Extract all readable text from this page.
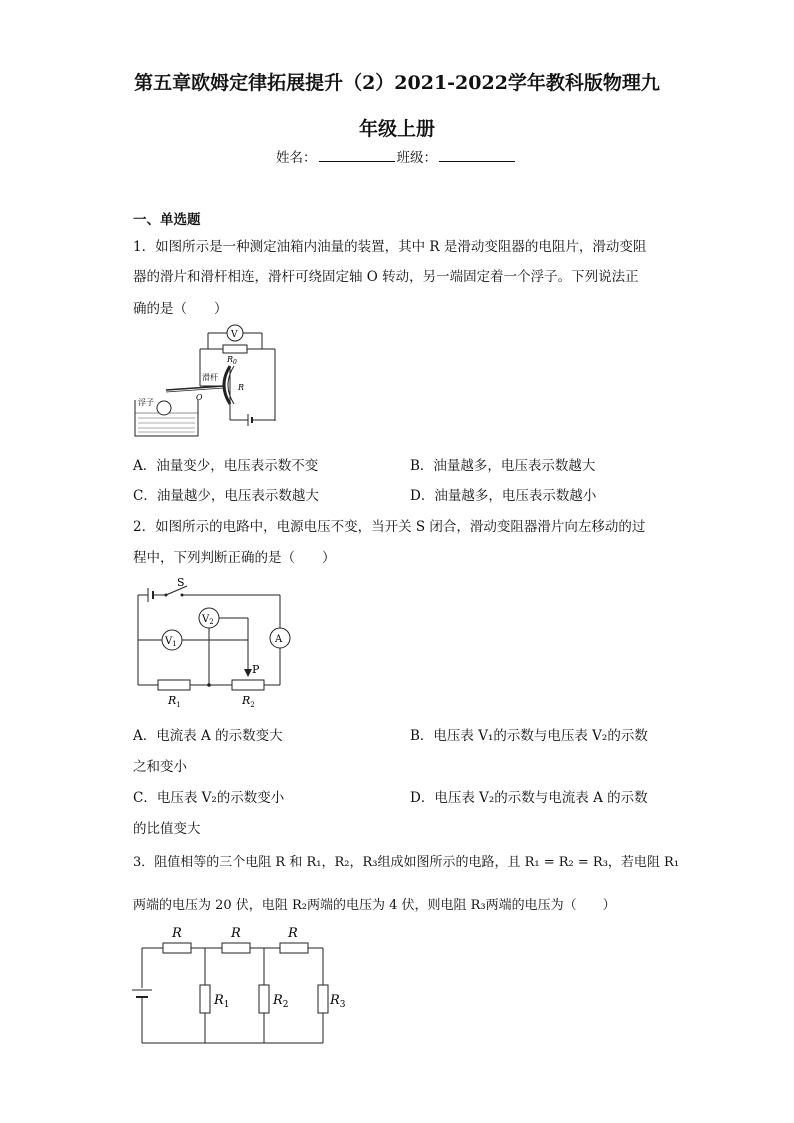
第五章欧姆定律拓展提升（2）2021-2022学年教科版物理九
年级上册
姓名：	班级：
一、单选题
1．如图所示是一种测定油箱内油量的装置，其中 R 是滑动变阻器的电阻片，滑动变阻
器的滑片和滑杆相连，滑杆可绕固定轴 O 转动，另一端固定着一个浮子。下列说法正
确的是（　　）
V
$R_0$
R
滑杆
O
浮子
A．油量变少，电压表示数不变	B．油量越多，电压表示数越大
C．油量越少，电压表示数越大	D．油量越多，电压表示数越小
2．如图所示的电路中，电源电压不变，当开关 S 闭合，滑动变阻器滑片向左移动的过
程中，下列判断正确的是（　　）
S
A
$V_2$
$V_1$
P
$R_1$	$R_2$
A．电流表 A 的示数变大	B．电压表 V₁的示数与电压表 V₂的示数
之和变小
C．电压表 V₂的示数变小	D．电压表 V₂的示数与电流表 A 的示数
的比值变大
3．阻值相等的三个电阻 R 和 R₁，R₂，R₃组成如图所示的电路，且 R₁ = R₂ = R₃，若电阻 R₁
两端的电压为 20 伏，电阻 R₂两端的电压为 4 伏，则电阻 R₃两端的电压为（　　）
R	R	R
$R_1$	$R_2$	$R_3$
